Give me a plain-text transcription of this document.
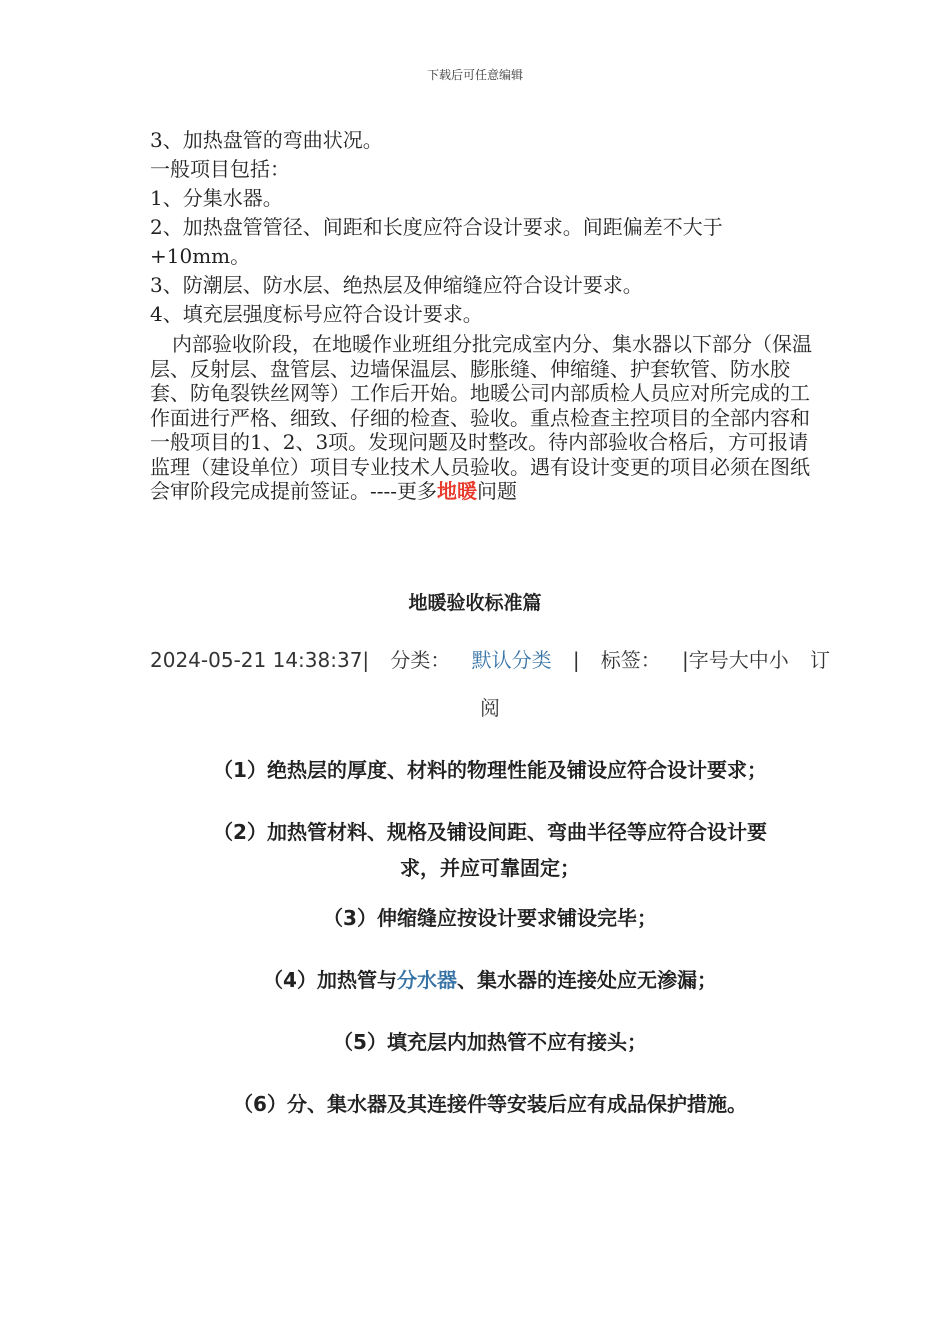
下载后可任意编辑
3、加热盘管的弯曲状况。
一般项目包括：
1、分集水器。
2、加热盘管管径、间距和长度应符合设计要求。间距偏差不大于
+10mm。
3、防潮层、防水层、绝热层及伸缩缝应符合设计要求。
4、填充层强度标号应符合设计要求。
内部验收阶段，在地暖作业班组分批完成室内分、集水器以下部分（保温层、反射层、盘管层、边墙保温层、膨胀缝、伸缩缝、护套软管、防水胶套、防龟裂铁丝网等）工作后开始。地暖公司内部质检人员应对所完成的工作面进行严格、细致、仔细的检查、验收。重点检查主控项目的全部内容和一般项目的1、2、3项。发现问题及时整改。待内部验收合格后，方可报请监理（建设单位）项目专业技术人员验收。遇有设计变更的项目必须在图纸会审阶段完成提前签证。----更多地暖问题
地暖验收标准篇
2024-05-21 14:38:37| 分类： 默认分类 | 标签： |字号大中小 订
阅
（1）绝热层的厚度、材料的物理性能及铺设应符合设计要求；
（2）加热管材料、规格及铺设间距、弯曲半径等应符合设计要
求，并应可靠固定；
（3）伸缩缝应按设计要求铺设完毕；
（4）加热管与分水器、集水器的连接处应无渗漏；
（5）填充层内加热管不应有接头；
（6）分、集水器及其连接件等安装后应有成品保护措施。
